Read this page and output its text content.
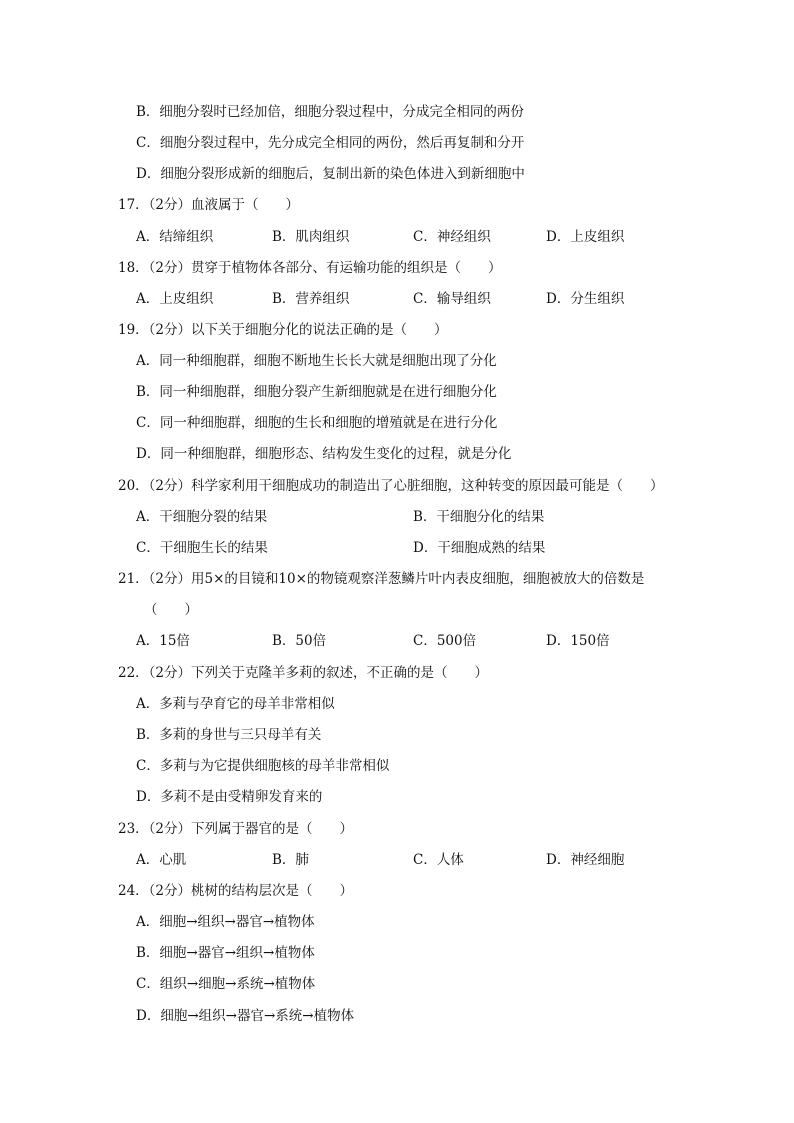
B．细胞分裂时已经加倍，细胞分裂过程中，分成完全相同的两份
C．细胞分裂过程中，先分成完全相同的两份，然后再复制和分开
D．细胞分裂形成新的细胞后，复制出新的染色体进入到新细胞中
17．（2分）血液属于（　　）
A．结缔组织	B．肌肉组织	C．神经组织	D．上皮组织
18．（2分）贯穿于植物体各部分、有运输功能的组织是（　　）
A．上皮组织	B．营养组织	C．输导组织	D．分生组织
19．（2分）以下关于细胞分化的说法正确的是（　　）
A．同一种细胞群，细胞不断地生长长大就是细胞出现了分化
B．同一种细胞群，细胞分裂产生新细胞就是在进行细胞分化
C．同一种细胞群，细胞的生长和细胞的增殖就是在进行分化
D．同一种细胞群，细胞形态、结构发生变化的过程，就是分化
20．（2分）科学家利用干细胞成功的制造出了心脏细胞，这种转变的原因最可能是（　　）
A．干细胞分裂的结果	B．干细胞分化的结果
C．干细胞生长的结果	D．干细胞成熟的结果
21．（2分）用5×的目镜和10×的物镜观察洋葱鳞片叶内表皮细胞，细胞被放大的倍数是
（　　）
A．15倍	B．50倍	C．500倍	D．150倍
22．（2分）下列关于克隆羊多莉的叙述，不正确的是（　　）
A．多莉与孕育它的母羊非常相似
B．多莉的身世与三只母羊有关
C．多莉与为它提供细胞核的母羊非常相似
D．多莉不是由受精卵发育来的
23．（2分）下列属于器官的是（　　）
A．心肌	B．肺	C．人体	D．神经细胞
24．（2分）桃树的结构层次是（　　）
A．细胞→组织→器官→植物体
B．细胞→器官→组织→植物体
C．组织→细胞→系统→植物体
D．细胞→组织→器官→系统→植物体
